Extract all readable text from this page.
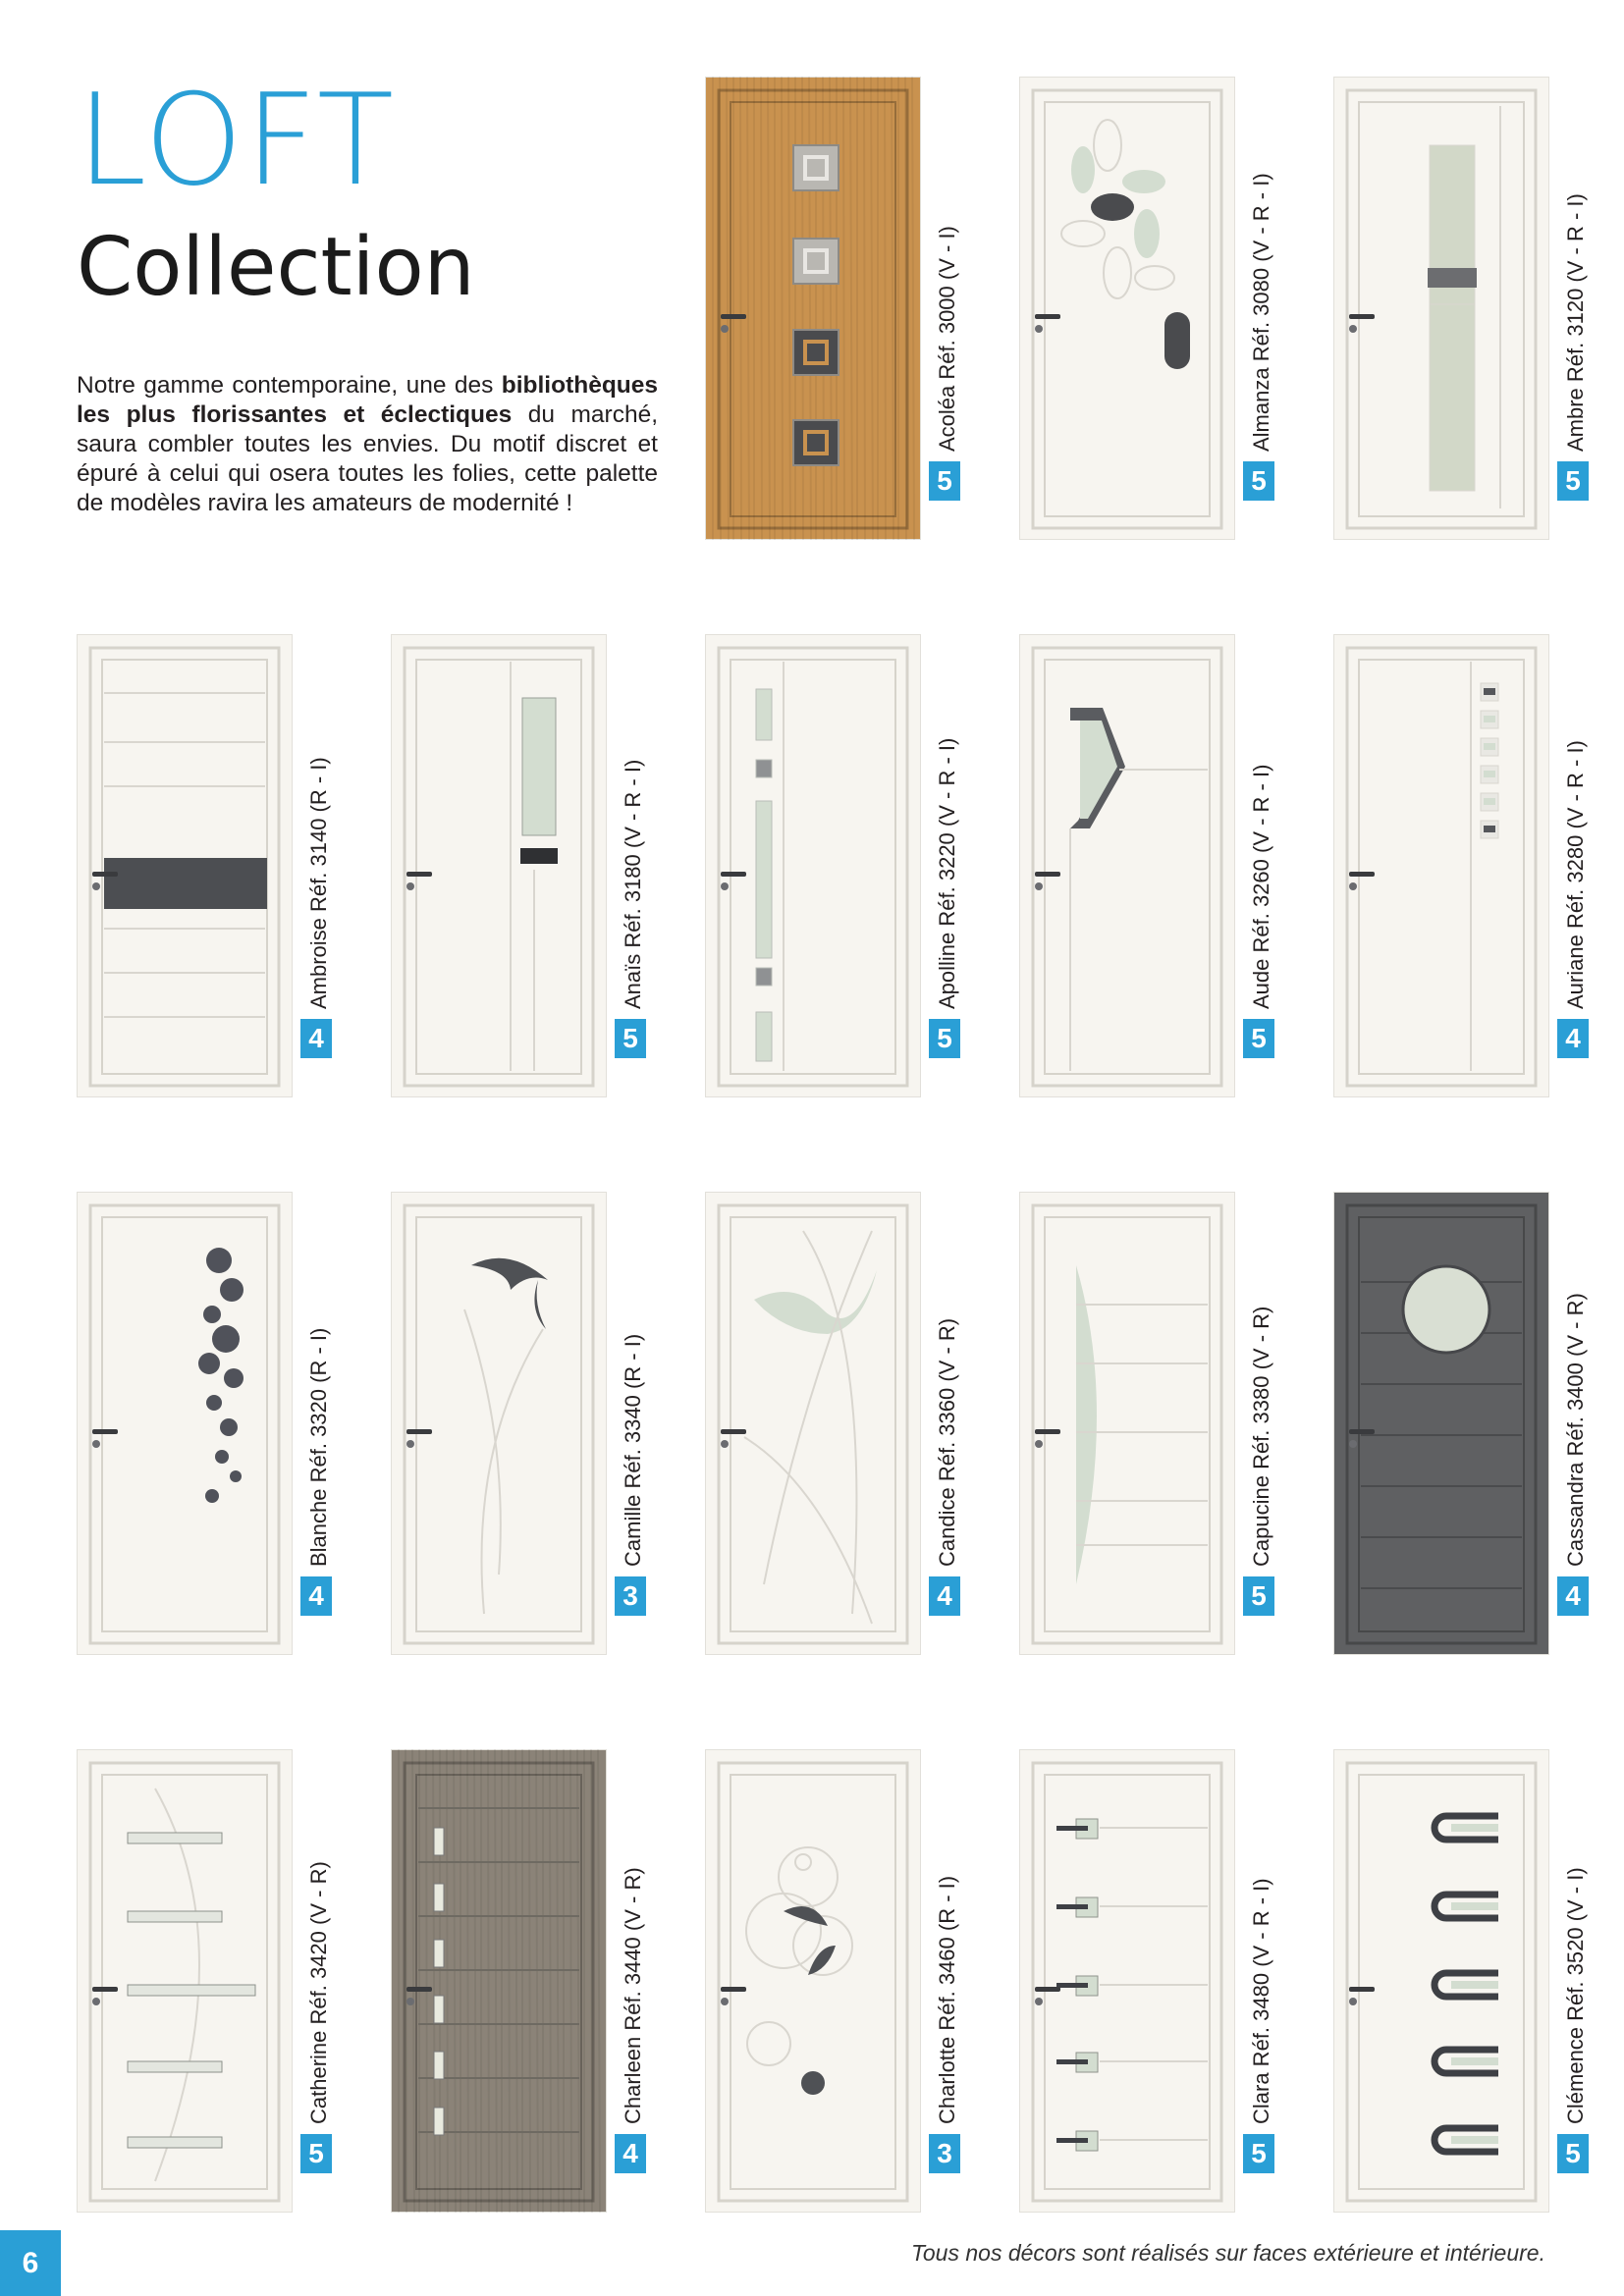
LOFT
Collection

Notre gamme contemporaine, une des bibliothèques les plus florissantes et éclectiques du marché, saura combler toutes les envies. Du motif discret et épuré à celui qui osera toutes les folies, cette palette de modèles ravira les amateurs de modernité !

Acoléa Réf. 3000 (V - I)
5
Almanza Réf. 3080 (V - R - I)
5
Ambre Réf. 3120 (V - R - I)
5
Ambroise Réf. 3140 (R - I)
4
Anaïs Réf. 3180 (V - R - I)
5
Apolline Réf. 3220 (V - R - I)
5
Aude Réf. 3260 (V - R - I)
5
Auriane Réf. 3280 (V - R - I)
4
Blanche Réf. 3320 (R - I)
4
Camille Réf. 3340 (R - I)
3
Candice Réf. 3360 (V - R)
4
Capucine Réf. 3380 (V - R)
5
Cassandra Réf. 3400 (V - R)
4
Catherine Réf. 3420 (V - R)
5
Charleen Réf. 3440 (V - R)
4
Charlotte Réf. 3460 (R - I)
3
Clara Réf. 3480 (V - R - I)
5
Clémence Réf. 3520 (V - I)
5
6	Tous nos décors sont réalisés sur faces extérieure et intérieure.
